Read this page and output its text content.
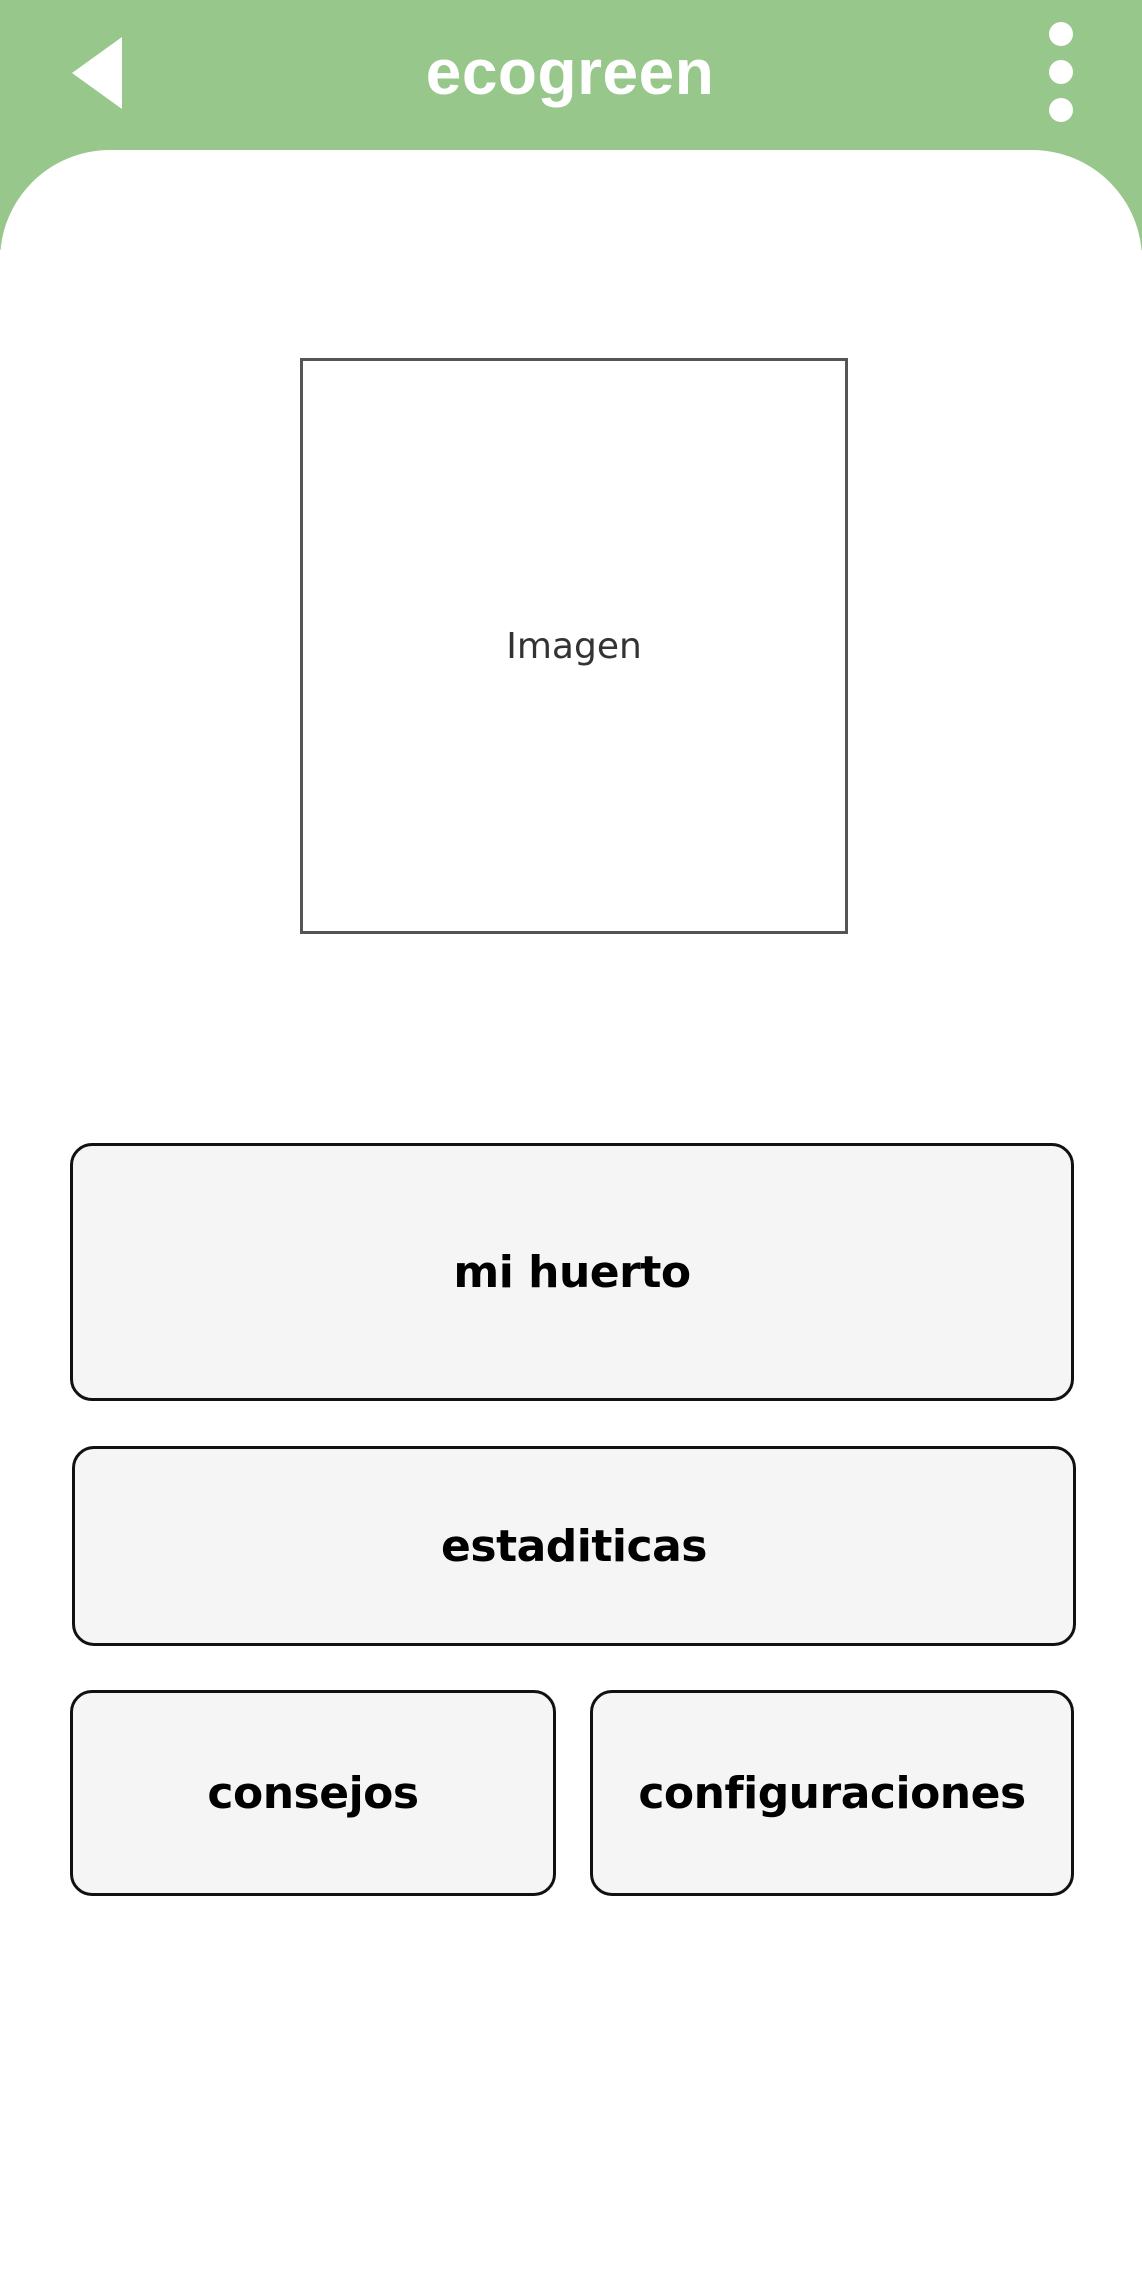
ecogreen
Imagen
mi huerto
estaditicas
consejos	configuraciones
